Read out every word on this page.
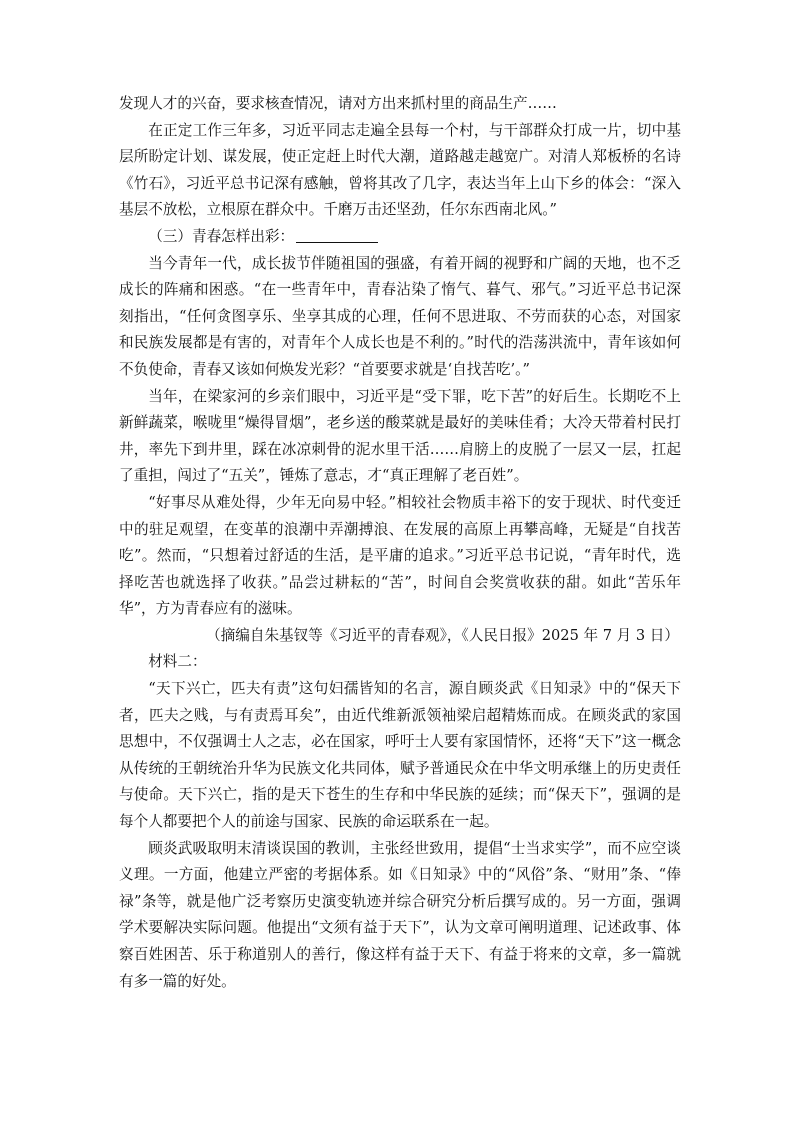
发现人才的兴奋，要求核查情况，请对方出来抓村里的商品生产……

在正定工作三年多，习近平同志走遍全县每一个村，与干部群众打成一片，切中基层所盼定计划、谋发展，使正定赶上时代大潮，道路越走越宽广。对清人郑板桥的名诗《竹石》，习近平总书记深有感触，曾将其改了几字，表达当年上山下乡的体会：“深入基层不放松，立根原在群众中。千磨万击还坚劲，任尔东西南北风。”

（三）青春怎样出彩：

当今青年一代，成长拔节伴随祖国的强盛，有着开阔的视野和广阔的天地，也不乏成长的阵痛和困惑。“在一些青年中，青春沾染了惰气、暮气、邪气。”习近平总书记深刻指出，“任何贪图享乐、坐享其成的心理，任何不思进取、不劳而获的心态，对国家和民族发展都是有害的，对青年个人成长也是不利的。”时代的浩荡洪流中，青年该如何不负使命，青春又该如何焕发光彩？“首要要求就是‘自找苦吃’。”

当年，在梁家河的乡亲们眼中，习近平是“受下罪，吃下苦”的好后生。长期吃不上新鲜蔬菜，喉咙里“燥得冒烟”，老乡送的酸菜就是最好的美味佳肴；大冷天带着村民打井，率先下到井里，踩在冰凉刺骨的泥水里干活……肩膀上的皮脱了一层又一层，扛起了重担，闯过了“五关”，锤炼了意志，才“真正理解了老百姓”。

“好事尽从难处得，少年无向易中轻。”相较社会物质丰裕下的安于现状、时代变迁中的驻足观望，在变革的浪潮中弄潮搏浪、在发展的高原上再攀高峰，无疑是“自找苦吃”。然而，“只想着过舒适的生活，是平庸的追求。”习近平总书记说，“青年时代，选择吃苦也就选择了收获。”品尝过耕耘的“苦”，时间自会奖赏收获的甜。如此“苦乐年华”，方为青春应有的滋味。

（摘编自朱基钗等《习近平的青春观》，《人民日报》2025 年 7 月 3 日）

材料二：

“天下兴亡，匹夫有责”这句妇孺皆知的名言，源自顾炎武《日知录》中的“保天下者，匹夫之贱，与有责焉耳矣”，由近代维新派领袖梁启超精炼而成。在顾炎武的家国思想中，不仅强调士人之志，必在国家，呼吁士人要有家国情怀，还将“天下”这一概念从传统的王朝统治升华为民族文化共同体，赋予普通民众在中华文明承继上的历史责任与使命。天下兴亡，指的是天下苍生的生存和中华民族的延续；而“保天下”，强调的是每个人都要把个人的前途与国家、民族的命运联系在一起。

顾炎武吸取明末清谈误国的教训，主张经世致用，提倡“士当求实学”，而不应空谈义理。一方面，他建立严密的考据体系。如《日知录》中的“风俗”条、“财用”条、“俸禄”条等，就是他广泛考察历史演变轨迹并综合研究分析后撰写成的。另一方面，强调学术要解决实际问题。他提出“文须有益于天下”，认为文章可阐明道理、记述政事、体察百姓困苦、乐于称道别人的善行，像这样有益于天下、有益于将来的文章，多一篇就有多一篇的好处。
